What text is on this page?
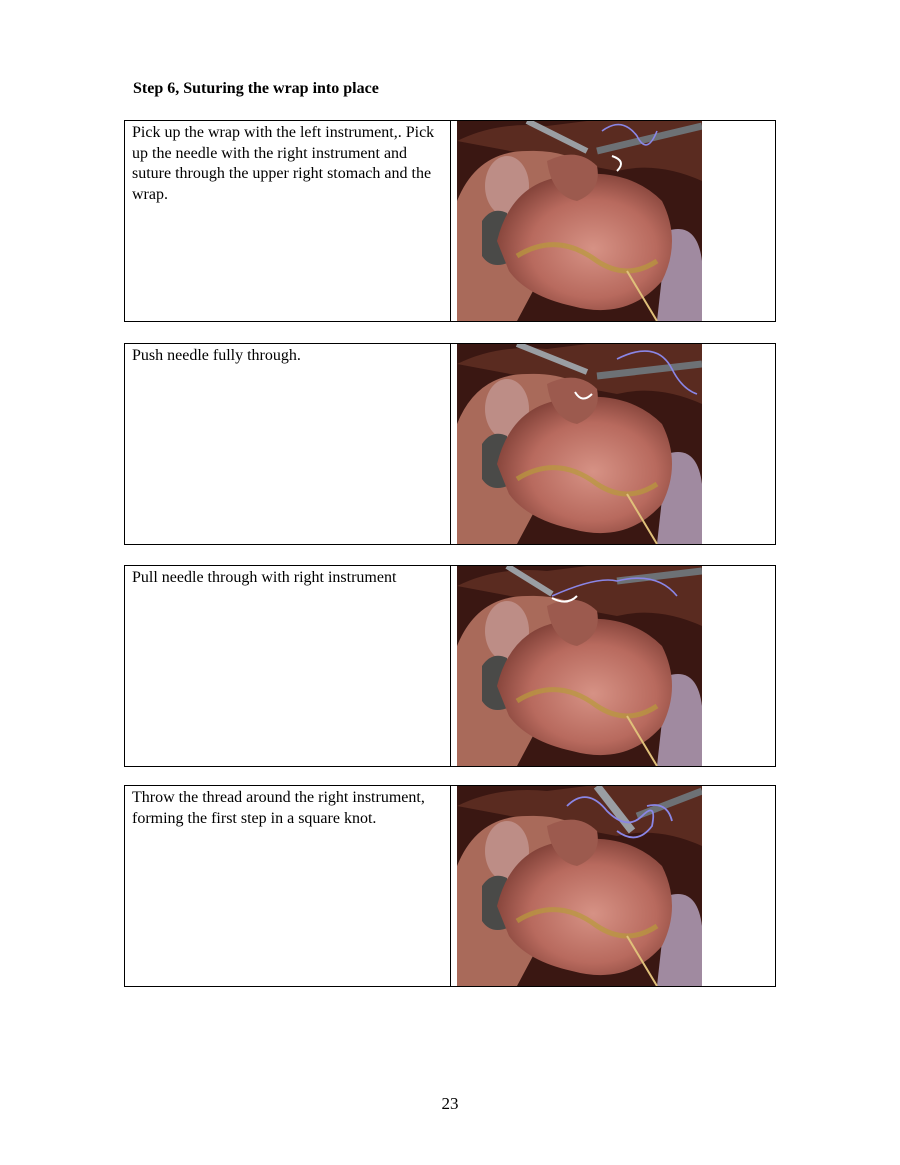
Step 6, Suturing the wrap into place
Pick up the wrap with the left instrument,. Pick up the needle with the right instrument and suture through the upper right stomach and the wrap.
Push needle fully through.
Pull needle through with right instrument
Throw the thread around the right instrument, forming the first step in a square knot.
23
